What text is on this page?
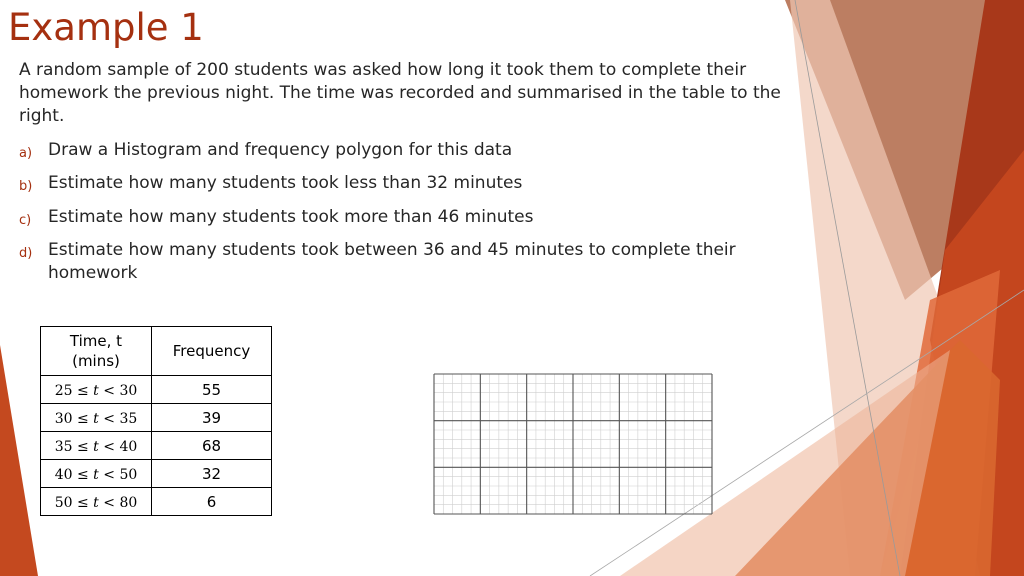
Example 1

A random sample of 200 students was asked how long it took them to complete their homework the previous night. The time was recorded and summarised in the table to the right.

a) Draw a Histogram and frequency polygon for this data
b) Estimate how many students took less than 32 minutes
c) Estimate how many students took more than 46 minutes
d) Estimate how many students took between 36 and 45 minutes to complete their homework
Time, t (mins)	Frequency
25 ≤ t < 30	55
30 ≤ t < 35	39
35 ≤ t < 40	68
40 ≤ t < 50	32
50 ≤ t < 80	6
